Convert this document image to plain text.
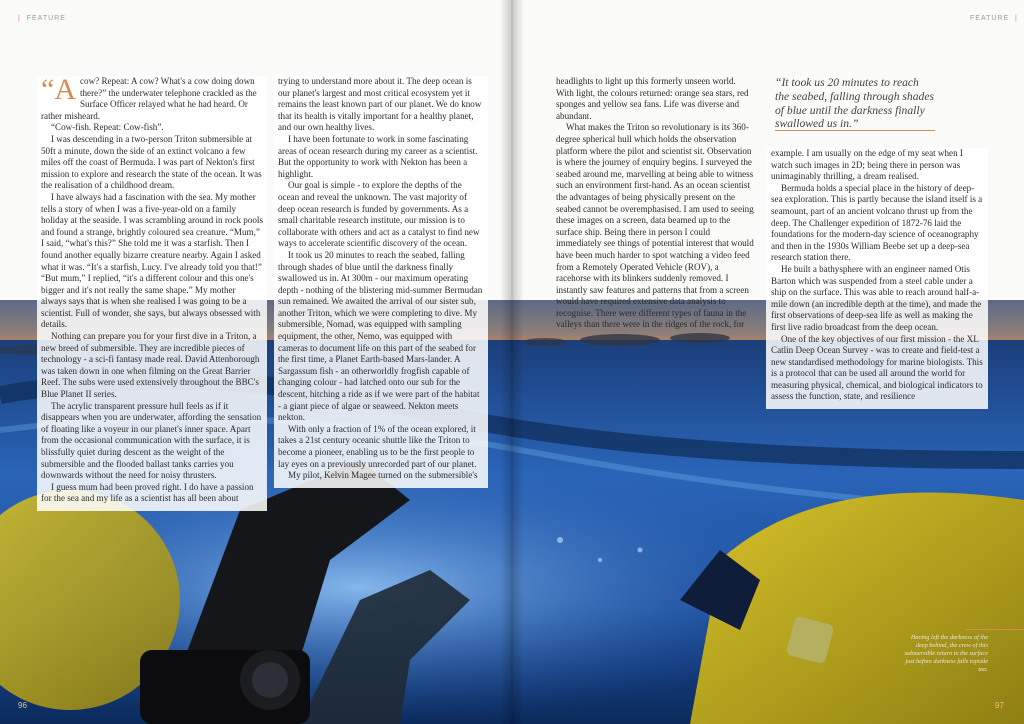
| FEATURE	FEATURE |

“Acow? Repeat: A cow? What's a cow doing down there?” the underwater telephone crackled as the Surface Officer relayed what he had heard. Or rather misheard.

“Cow-fish. Repeat: Cow-fish”.

I was descending in a two-person Triton submersible at 50ft a minute, down the side of an extinct volcano a few miles off the coast of Bermuda. I was part of Nekton's first mission to explore and research the state of the ocean. It was the realisation of a childhood dream.

I have always had a fascination with the sea. My mother tells a story of when I was a five-year-old on a family holiday at the seaside. I was scrambling around in rock pools and found a strange, brightly coloured sea creature. “Mum,” I said, “what's this?” She told me it was a starfish. Then I found another equally bizarre creature nearby. Again I asked what it was. “It's a starfish, Lucy. I've already told you that!” “But mum,” I replied, “it's a different colour and this one's bigger and it's not really the same shape.” My mother always says that is when she realised I was going to be a scientist. Full of wonder, she says, but always obsessed with details.

Nothing can prepare you for your first dive in a Triton, a new breed of submersible. They are incredible pieces of technology - a sci-fi fantasy made real. David Attenborough was taken down in one when filming on the Great Barrier Reef. The subs were used extensively throughout the BBC's Blue Planet II series.

The acrylic transparent pressure hull feels as if it disappears when you are underwater, affording the sensation of floating like a voyeur in our planet's inner space. Apart from the occasional communication with the surface, it is blissfully quiet during descent as the weight of the submersible and the flooded ballast tanks carries you downwards without the need for noisy thrusters.

I guess mum had been proved right. I do have a passion for the sea and my life as a scientist has all been about

trying to understand more about it. The deep ocean is our planet's largest and most critical ecosystem yet it remains the least known part of our planet. We do know that its health is vitally important for a healthy planet, and our own healthy lives.

I have been fortunate to work in some fascinating areas of ocean research during my career as a scientist. But the opportunity to work with Nekton has been a highlight.

Our goal is simple - to explore the depths of the ocean and reveal the unknown. The vast majority of deep ocean research is funded by governments. As a small charitable research institute, our mission is to collaborate with others and act as a catalyst to find new ways to accelerate scientific discovery of the ocean.

It took us 20 minutes to reach the seabed, falling through shades of blue until the darkness finally swallowed us in. At 300m - our maximum operating depth - nothing of the blistering mid-summer Bermudan sun remained. We awaited the arrival of our sister sub, another Triton, which we were completing to dive. My submersible, Nomad, was equipped with sampling equipment, the other, Nemo, was equipped with cameras to document life on this part of the seabed for the first time, a Planet Earth-based Mars-lander. A Sargassum fish - an otherworldly frogfish capable of changing colour - had latched onto our sub for the descent, hitching a ride as if we were part of the habitat - a giant piece of algae or seaweed. Nekton meets nekton.

With only a fraction of 1% of the ocean explored, it takes a 21st century oceanic shuttle like the Triton to become a pioneer, enabling us to be the first people to lay eyes on a previously unrecorded part of our planet.

My pilot, Kelvin Magee turned on the submersible's

headlights to light up this formerly unseen world. With light, the colours returned: orange sea stars, red sponges and yellow sea fans. Life was diverse and abundant.

What makes the Triton so revolutionary is its 360-degree spherical hull which holds the observation platform where the pilot and scientist sit. Observation is where the journey of enquiry begins. I surveyed the seabed around me, marvelling at being able to witness such an environment first-hand. As an ocean scientist the advantages of being physically present on the seabed cannot be overemphasised. I am used to seeing these images on a screen, data beamed up to the surface ship. Being there in person I could immediately see things of potential interest that would have been much harder to spot watching a video feed from a Remotely Operated Vehicle (ROV), a racehorse with its blinkers suddenly removed. I instantly saw features and patterns that from a screen would have required extensive data analysis to recognise. There were different types of fauna in the valleys than there were in the ridges of the rock, for

“It took us 20 minutes to reach the seabed, falling through shades of blue until the darkness finally swallowed us in.”

example. I am usually on the edge of my seat when I watch such images in 2D; being there in person was unimaginably thrilling, a dream realised.

Bermuda holds a special place in the history of deep-sea exploration. This is partly because the island itself is a seamount, part of an ancient volcano thrust up from the deep. The Challenger expedition of 1872-76 laid the foundations for the modern-day science of oceanography and then in the 1930s William Beebe set up a deep-sea research station there.

He built a bathysphere with an engineer named Otis Barton which was suspended from a steel cable under a ship on the surface. This was able to reach around half-a-mile down (an incredible depth at the time), and made the first observations of deep-sea life as well as making the first live radio broadcast from the deep ocean.

One of the key objectives of our first mission - the XL Catlin Deep Ocean Survey - was to create and field-test a new standardised methodology for marine biologists. This is a protocol that can be used all around the world for measuring physical, chemical, and biological indicators to assess the function, state, and resilience

Having left the darkness of the deep behind, the crew of this submersible return to the surface just before darkness falls topside too.
96	97
